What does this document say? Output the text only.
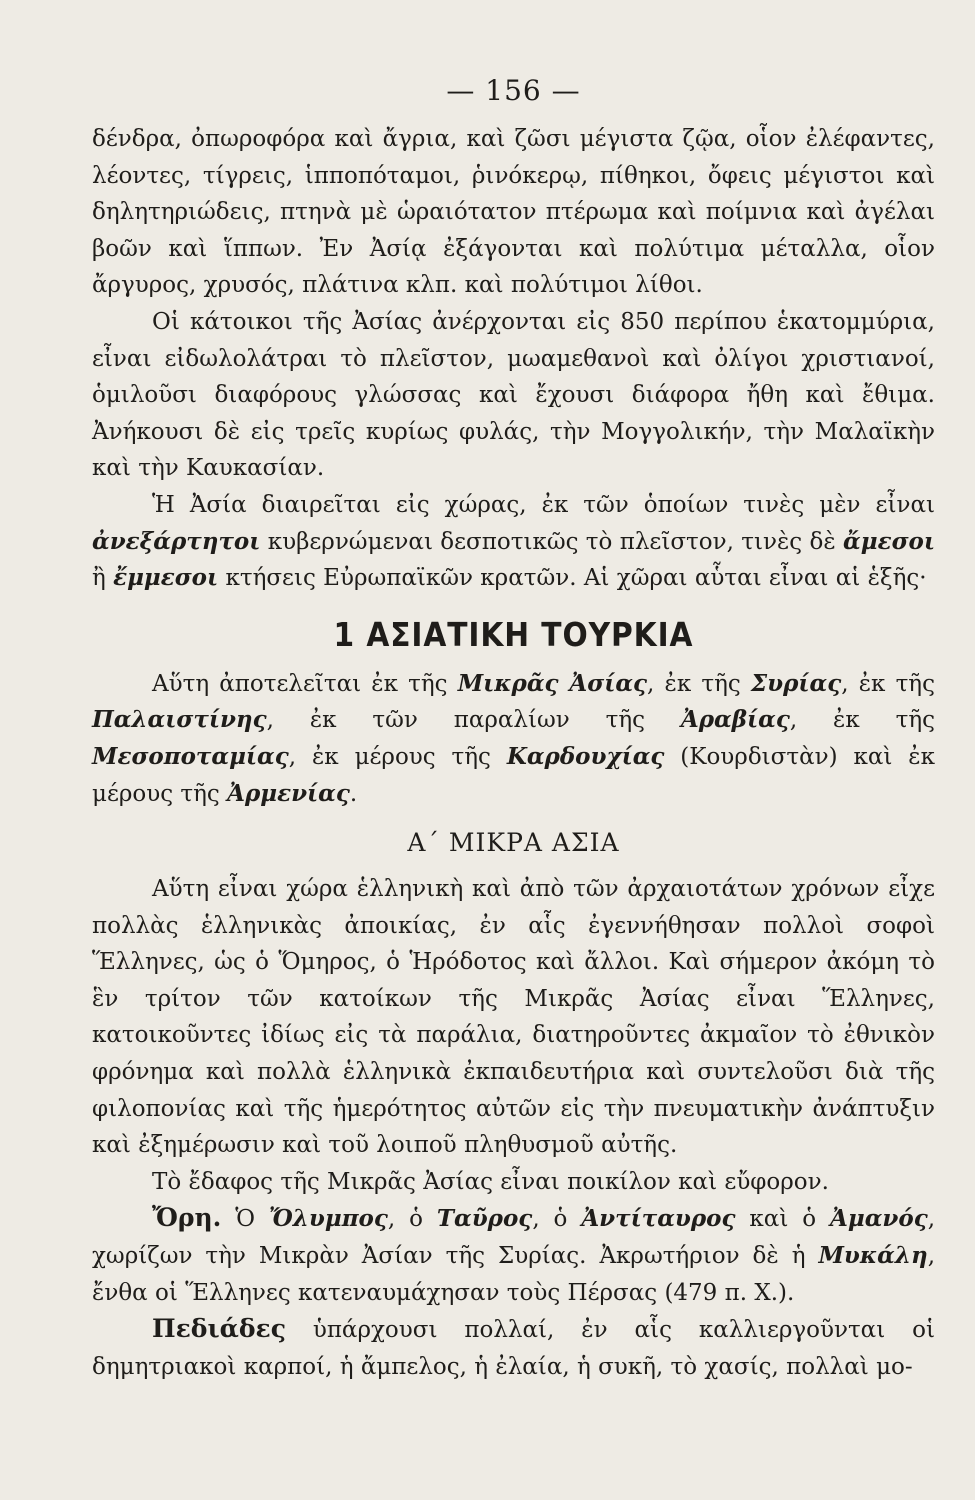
— 156 —

δένδρα, ὀπωροφόρα καὶ ἄγρια, καὶ ζῶσι μέγιστα ζῷα, οἷον ἐλέφαντες, λέοντες, τίγρεις, ἱπποπόταμοι, ῥινόκερῳ, πίθηκοι, ὄφεις μέγιστοι καὶ δηλητηριώδεις, πτηνὰ μὲ ὡραιότατον πτέρωμα καὶ ποίμνια καὶ ἀγέλαι βοῶν καὶ ἵππων. Ἐν Ἀσίᾳ ἐξάγονται καὶ πολύτιμα μέταλλα, οἷον ἄργυρος, χρυσός, πλάτινα κλπ. καὶ πολύτιμοι λίθοι.

Οἱ κάτοικοι τῆς Ἀσίας ἀνέρχονται εἰς 850 περίπου ἑκατομμύρια, εἶναι εἰδωλολάτραι τὸ πλεῖστον, μωαμεθανοὶ καὶ ὀλίγοι χριστιανοί, ὁμιλοῦσι διαφόρους γλώσσας καὶ ἔχουσι διάφορα ἤθη καὶ ἔθιμα. Ἀνήκουσι δὲ εἰς τρεῖς κυρίως φυλάς, τὴν Μογγολικήν, τὴν Μαλαϊκὴν καὶ τὴν Καυκασίαν.

Ἡ Ἀσία διαιρεῖται εἰς χώρας, ἐκ τῶν ὁποίων τινὲς μὲν εἶναι ἀνεξάρτητοι κυβερνώμεναι δεσποτικῶς τὸ πλεῖστον, τινὲς δὲ ἄμεσοι ἢ ἔμμεσοι κτήσεις Εὐρωπαϊκῶν κρατῶν. Αἱ χῶραι αὗται εἶναι αἱ ἑξῆς·

1 ΑΣΙΑΤΙΚΗ ΤΟΥΡΚΙΑ

Αὕτη ἀποτελεῖται ἐκ τῆς Μικρᾶς Ἀσίας, ἐκ τῆς Συρίας, ἐκ τῆς Παλαιστίνης, ἐκ τῶν παραλίων τῆς Ἀραβίας, ἐκ τῆς Μεσοποταμίας, ἐκ μέρους τῆς Καρδουχίας (Κουρδιστὰν) καὶ ἐκ μέρους τῆς Ἀρμενίας.

Α΄ ΜΙΚΡΑ ΑΣΙΑ

Αὕτη εἶναι χώρα ἑλληνικὴ καὶ ἀπὸ τῶν ἀρχαιοτάτων χρόνων εἶχε πολλὰς ἑλληνικὰς ἀποικίας, ἐν αἷς ἐγεννήθησαν πολλοὶ σοφοὶ Ἕλληνες, ὡς ὁ Ὅμηρος, ὁ Ἡρόδοτος καὶ ἄλλοι. Καὶ σήμερον ἀκόμη τὸ ἓν τρίτον τῶν κατοίκων τῆς Μικρᾶς Ἀσίας εἶναι Ἕλληνες, κατοικοῦντες ἰδίως εἰς τὰ παράλια, διατηροῦντες ἀκμαῖον τὸ ἐθνικὸν φρόνημα καὶ πολλὰ ἑλληνικὰ ἐκπαιδευτήρια καὶ συντελοῦσι διὰ τῆς φιλοπονίας καὶ τῆς ἡμερότητος αὐτῶν εἰς τὴν πνευματικὴν ἀνάπτυξιν καὶ ἐξημέρωσιν καὶ τοῦ λοιποῦ πληθυσμοῦ αὐτῆς.

Τὸ ἔδαφος τῆς Μικρᾶς Ἀσίας εἶναι ποικίλον καὶ εὔφορον.

Ὄρη. Ὁ Ὄλυμπος, ὁ Ταῦρος, ὁ Ἀντίταυρος καὶ ὁ Ἀμανός, χωρίζων τὴν Μικρὰν Ἀσίαν τῆς Συρίας. Ἀκρωτήριον δὲ ἡ Μυκάλη, ἔνθα οἱ Ἕλληνες κατεναυμάχησαν τοὺς Πέρσας (479 π. Χ.).

Πεδιάδες ὑπάρχουσι πολλαί, ἐν αἷς καλλιεργοῦνται οἱ δημητριακοὶ καρποί, ἡ ἄμπελος, ἡ ἐλαία, ἡ συκῆ, τὸ χασίς, πολλαὶ μο-
